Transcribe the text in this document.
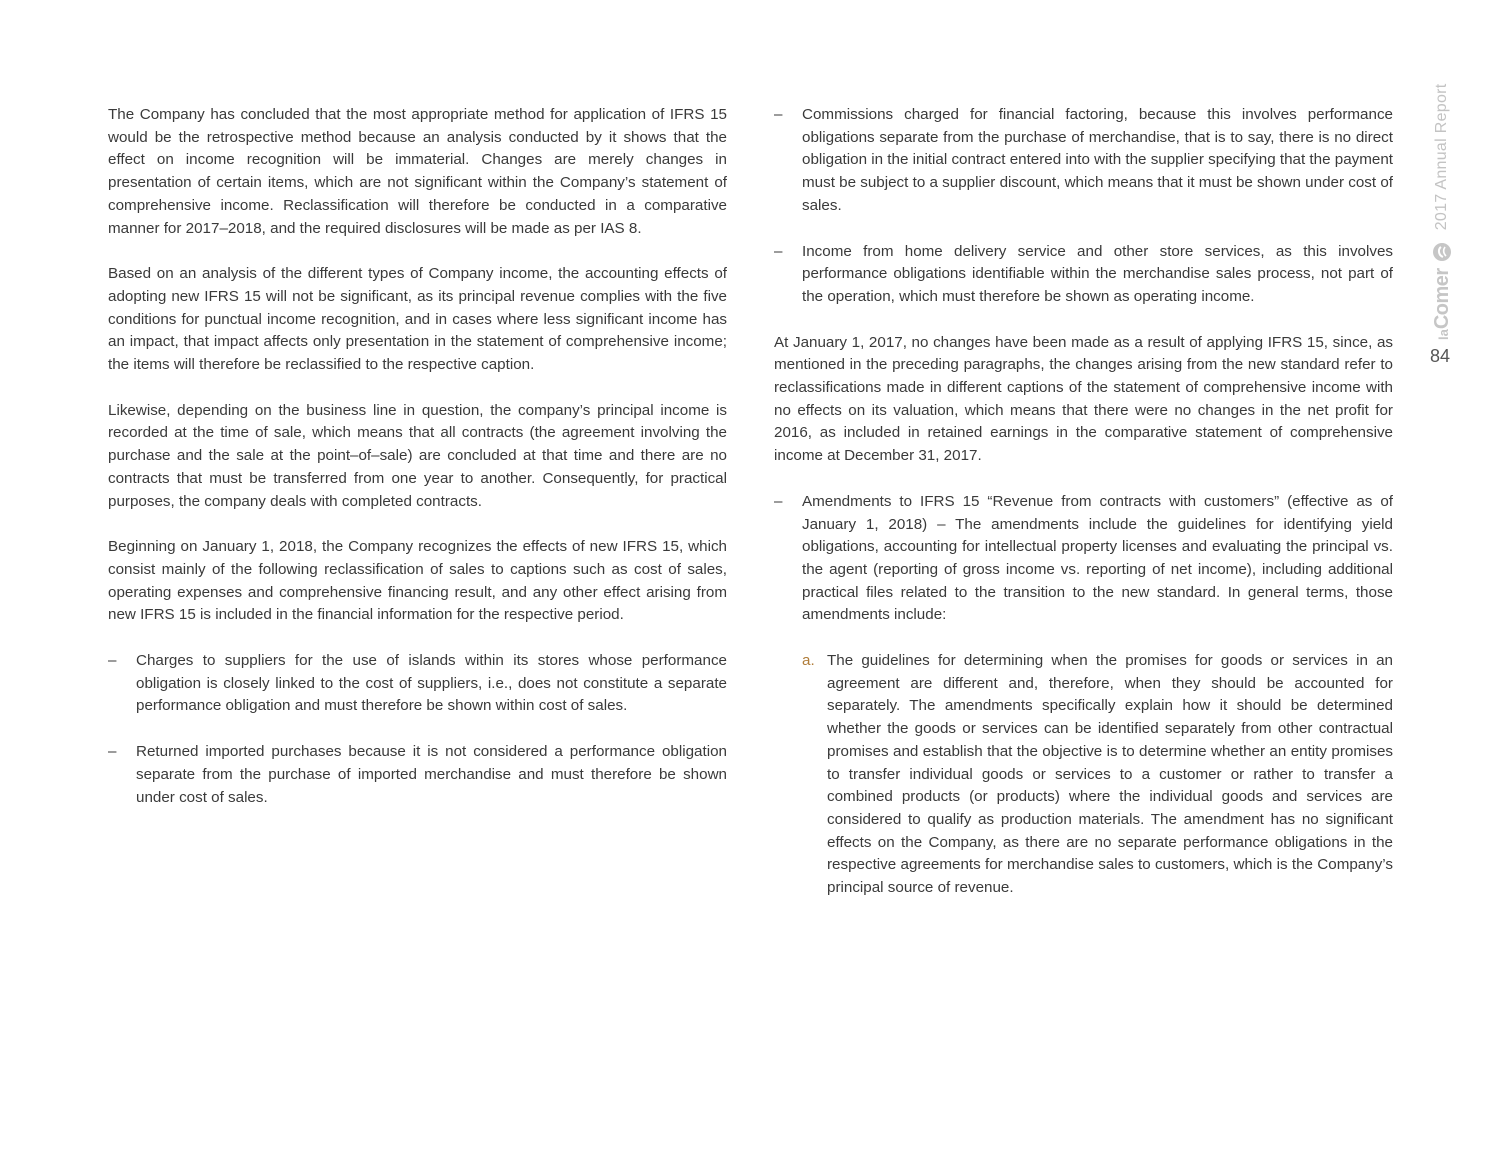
The Company has concluded that the most appropriate method for application of IFRS 15 would be the retrospective method because an analysis conducted by it shows that the effect on income recognition will be immaterial. Changes are merely changes in presentation of certain items, which are not significant within the Company’s statement of comprehensive income. Reclassification will therefore be conducted in a comparative manner for 2017–2018, and the required disclosures will be made as per IAS 8.

Based on an analysis of the different types of Company income, the accounting effects of adopting new IFRS 15 will not be significant, as its principal revenue complies with the five conditions for punctual income recognition, and in cases where less significant income has an impact, that impact affects only presentation in the statement of comprehensive income; the items will therefore be reclassified to the respective caption.

Likewise, depending on the business line in question, the company’s principal income is recorded at the time of sale, which means that all contracts (the agreement involving the purchase and the sale at the point–of–sale) are concluded at that time and there are no contracts that must be transferred from one year to another. Consequently, for practical purposes, the company deals with completed contracts.

Beginning on January 1, 2018, the Company recognizes the effects of new IFRS 15, which consist mainly of the following reclassification of sales to captions such as cost of sales, operating expenses and comprehensive financing result, and any other effect arising from new IFRS 15 is included in the financial information for the respective period.

– Charges to suppliers for the use of islands within its stores whose performance obligation is closely linked to the cost of suppliers, i.e., does not constitute a separate performance obligation and must therefore be shown within cost of sales.
– Returned imported purchases because it is not considered a performance obligation separate from the purchase of imported merchandise and must therefore be shown under cost of sales.
– Commissions charged for financial factoring, because this involves performance obligations separate from the purchase of merchandise, that is to say, there is no direct obligation in the initial contract entered into with the supplier specifying that the payment must be subject to a supplier discount, which means that it must be shown under cost of sales.
– Income from home delivery service and other store services, as this involves performance obligations identifiable within the merchandise sales process, not part of the operation, which must therefore be shown as operating income.

At January 1, 2017, no changes have been made as a result of applying IFRS 15, since, as mentioned in the preceding paragraphs, the changes arising from the new standard refer to reclassifications made in different captions of the statement of comprehensive income with no effects on its valuation, which means that there were no changes in the net profit for 2016, as included in retained earnings in the comparative statement of comprehensive income at December 31, 2017.

– Amendments to IFRS 15 “Revenue from contracts with customers” (effective as of January 1, 2018) – The amendments include the guidelines for identifying yield obligations, accounting for intellectual property licenses and evaluating the principal vs. the agent (reporting of gross income vs. reporting of net income), including additional practical files related to the transition to the new standard. In general terms, those amendments include:
a. The guidelines for determining when the promises for goods or services in an agreement are different and, therefore, when they should be accounted for separately. The amendments specifically explain how it should be determined whether the goods or services can be identified separately from other contractual promises and establish that the objective is to determine whether an entity promises to transfer individual goods or services to a customer or rather to transfer a combined products (or products) where the individual goods and services are considered to qualify as production materials. The amendment has no significant effects on the Company, as there are no separate performance obligations in the respective agreements for merchandise sales to customers, which is the Company’s principal source of revenue.
laComer
2017 Annual Report
84
